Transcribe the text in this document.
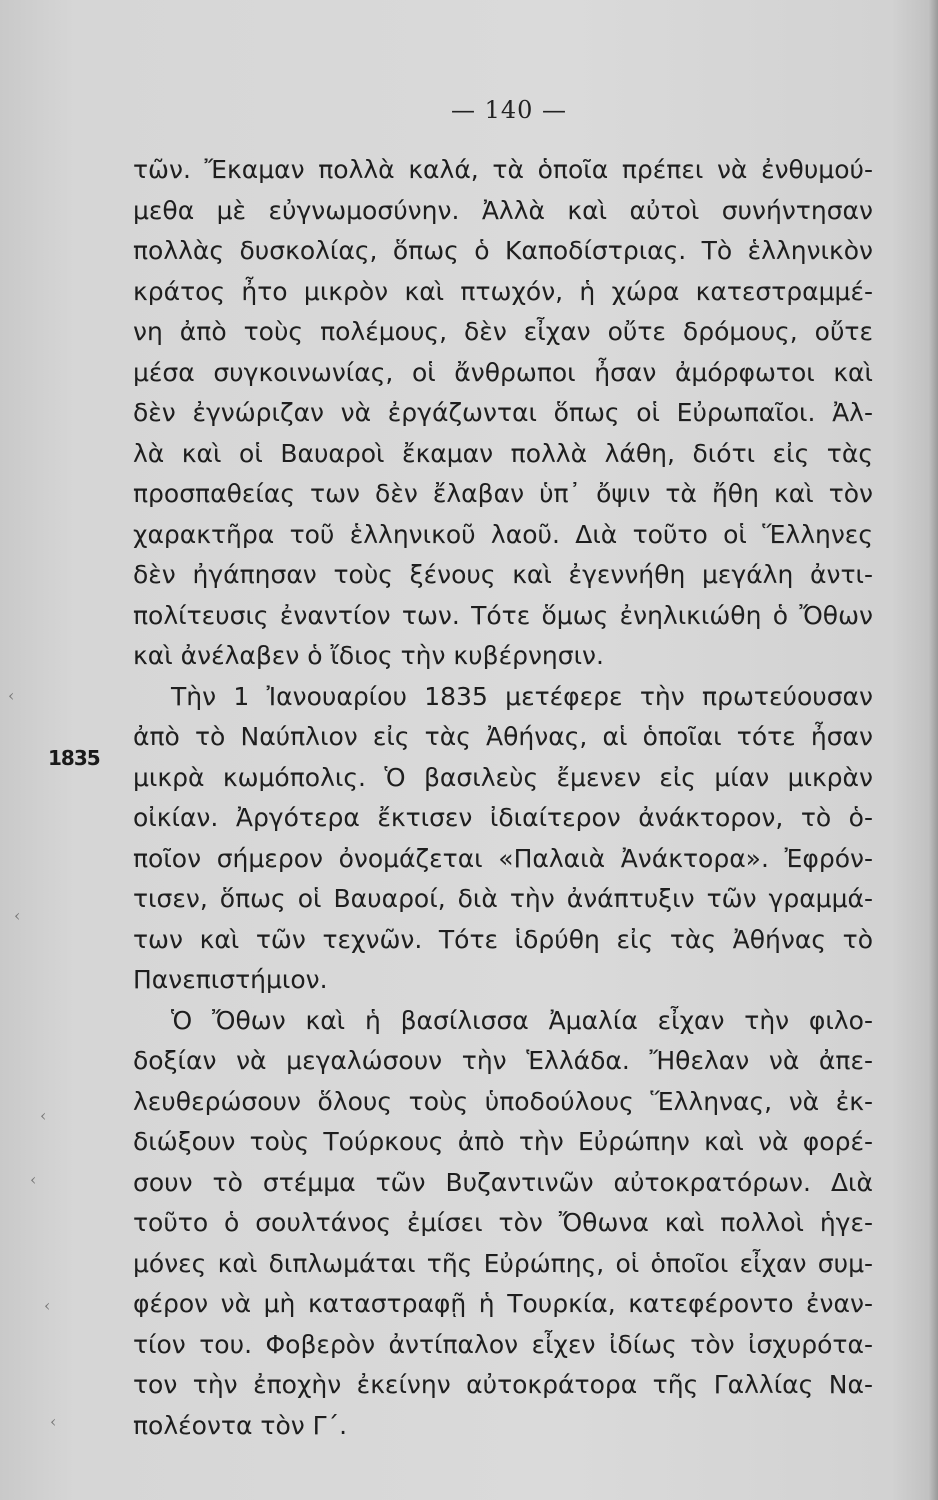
— 140 —
1835
‹
‹
‹
‹
‹
‹
τῶν. Ἔκαμαν πολλὰ καλά, τὰ ὁποῖα πρέπει νὰ ἐνθυμού-
μεθα μὲ εὐγνωμοσύνην. Ἀλλὰ καὶ αὐτοὶ συνήντησαν
πολλὰς δυσκολίας, ὅπως ὁ Καποδίστριας. Τὸ ἑλληνικὸν
κράτος ἦτο μικρὸν καὶ πτωχόν, ἡ χώρα κατεστραμμέ-
νη ἀπὸ τοὺς πολέμους, δὲν εἶχαν οὔτε δρόμους, οὔτε
μέσα συγκοινωνίας, οἱ ἄνθρωποι ἦσαν ἀμόρφωτοι καὶ
δὲν ἐγνώριζαν νὰ ἐργάζωνται ὅπως οἱ Εὐρωπαῖοι. Ἀλ-
λὰ καὶ οἱ Βαυαροὶ ἔκαμαν πολλὰ λάθη, διότι εἰς τὰς
προσπαθείας των δὲν ἔλαβαν ὑπ᾿ ὄψιν τὰ ἤθη καὶ τὸν
χαρακτῆρα τοῦ ἑλληνικοῦ λαοῦ. Διὰ τοῦτο οἱ Ἕλληνες
δὲν ἠγάπησαν τοὺς ξένους καὶ ἐγεννήθη μεγάλη ἀντι-
πολίτευσις ἐναντίον των. Τότε ὅμως ἐνηλικιώθη ὁ Ὄθων
καὶ ἀνέλαβεν ὁ ἴδιος τὴν κυβέρνησιν.
Τὴν 1 Ἰανουαρίου 1835 μετέφερε τὴν πρωτεύουσαν
ἀπὸ τὸ Ναύπλιον εἰς τὰς Ἀθήνας, αἱ ὁποῖαι τότε ἦσαν
μικρὰ κωμόπολις. Ὁ βασιλεὺς ἔμενεν εἰς μίαν μικρὰν
οἰκίαν. Ἀργότερα ἔκτισεν ἰδιαίτερον ἀνάκτορον, τὸ ὁ-
ποῖον σήμερον ὀνομάζεται «Παλαιὰ Ἀνάκτορα». Ἐφρόν-
τισεν, ὅπως οἱ Βαυαροί, διὰ τὴν ἀνάπτυξιν τῶν γραμμά-
των καὶ τῶν τεχνῶν. Τότε ἱδρύθη εἰς τὰς Ἀθήνας τὸ
Πανεπιστήμιον.
Ὁ Ὄθων καὶ ἡ βασίλισσα Ἀμαλία εἶχαν τὴν φιλο-
δοξίαν νὰ μεγαλώσουν τὴν Ἑλλάδα. Ἤθελαν νὰ ἀπε-
λευθερώσουν ὅλους τοὺς ὑποδούλους Ἕλληνας, νὰ ἐκ-
διώξουν τοὺς Τούρκους ἀπὸ τὴν Εὐρώπην καὶ νὰ φορέ-
σουν τὸ στέμμα τῶν Βυζαντινῶν αὐτοκρατόρων. Διὰ
τοῦτο ὁ σουλτάνος ἐμίσει τὸν Ὄθωνα καὶ πολλοὶ ἡγε-
μόνες καὶ διπλωμάται τῆς Εὐρώπης, οἱ ὁποῖοι εἶχαν συμ-
φέρον νὰ μὴ καταστραφῇ ἡ Τουρκία, κατεφέροντο ἐναν-
τίον του. Φοβερὸν ἀντίπαλον εἶχεν ἰδίως τὸν ἰσχυρότα-
τον τὴν ἐποχὴν ἐκείνην αὐτοκράτορα τῆς Γαλλίας Να-
πολέοντα τὸν Γ΄.
